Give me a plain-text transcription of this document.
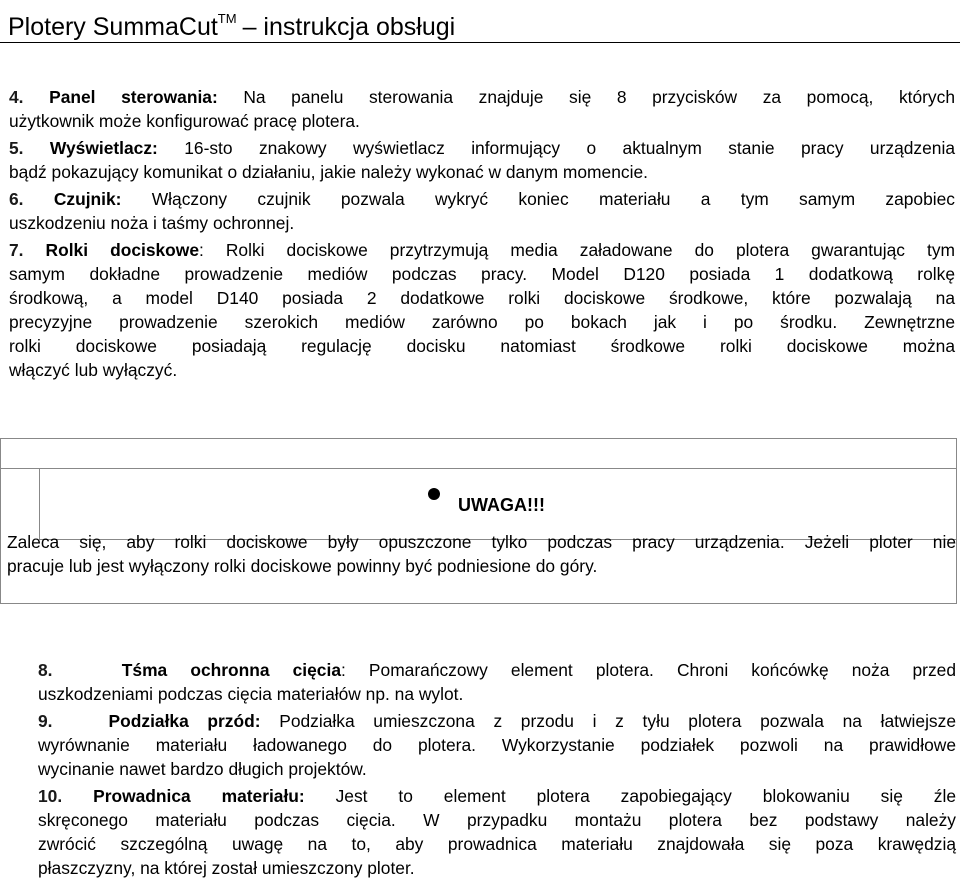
Plotery SummaCut™ – instrukcja obsługi
4. Panel sterowania: Na panelu sterowania znajduje się 8 przycisków za pomocą, których
użytkownik może konfigurować pracę plotera.
5. Wyświetlacz: 16-sto znakowy wyświetlacz informujący o aktualnym stanie pracy urządzenia
bądź pokazujący komunikat o działaniu, jakie należy wykonać w danym momencie.
6. Czujnik: Włączony czujnik pozwala wykryć koniec materiału a tym samym zapobiec
uszkodzeniu noża i taśmy ochronnej.
7. Rolki dociskowe: Rolki dociskowe przytrzymują media załadowane do plotera gwarantując tym
samym dokładne prowadzenie mediów podczas pracy. Model D120 posiada 1 dodatkową rolkę
środkową, a model D140 posiada 2 dodatkowe rolki dociskowe środkowe, które pozwalają na
precyzyjne prowadzenie szerokich mediów zarówno po bokach jak i po środku. Zewnętrzne
rolki dociskowe posiadają regulację docisku natomiast środkowe rolki dociskowe można
włączyć lub wyłączyć.
UWAGA!!!
Zaleca się, aby rolki dociskowe były opuszczone tylko podczas pracy urządzenia. Jeżeli ploter nie
pracuje lub jest wyłączony rolki dociskowe powinny być podniesione do góry.
8.	Tśma ochronna cięcia: Pomarańczowy element plotera. Chroni końcówkę noża przed
uszkodzeniami podczas cięcia materiałów np. na wylot.
9.	Podziałka przód: Podziałka umieszczona z przodu i z tyłu plotera pozwala na łatwiejsze
wyrównanie materiału ładowanego do plotera. Wykorzystanie podziałek pozwoli na prawidłowe
wycinanie nawet bardzo długich projektów.
10. Prowadnica materiału: Jest to element plotera zapobiegający blokowaniu się źle
skręconego materiału podczas cięcia. W przypadku montażu plotera bez podstawy należy
zwrócić szczególną uwagę na to, aby prowadnica materiału znajdowała się poza krawędzią
płaszczyzny, na której został umieszczony ploter.
